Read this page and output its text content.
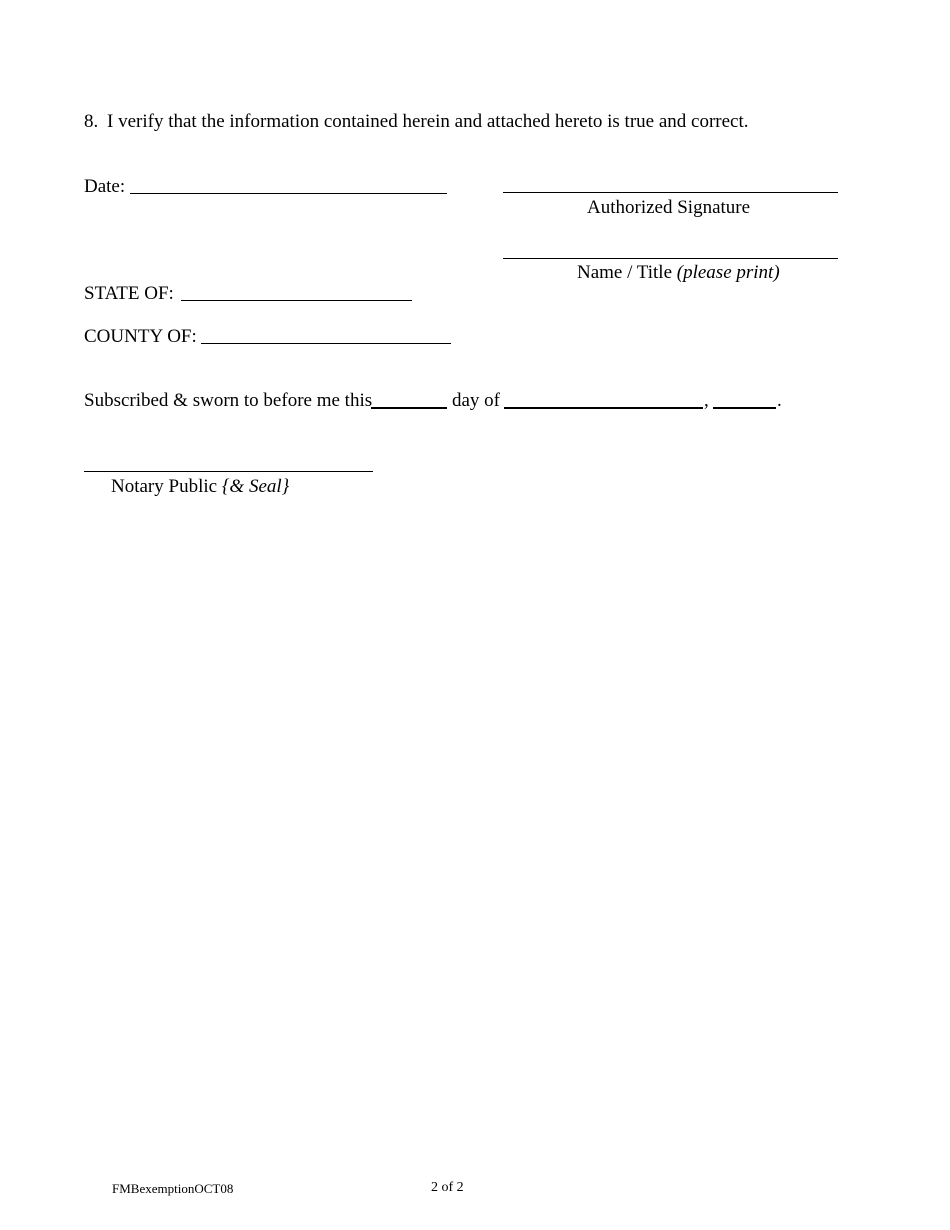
8. I verify that the information contained herein and attached hereto is true and correct.
Date:
Authorized Signature
Name / Title (please print)
STATE OF:
COUNTY OF:
Subscribed & sworn to before me this	day of	,	.
Notary Public {& Seal}
FMBexemptionOCT08	2 of 2
